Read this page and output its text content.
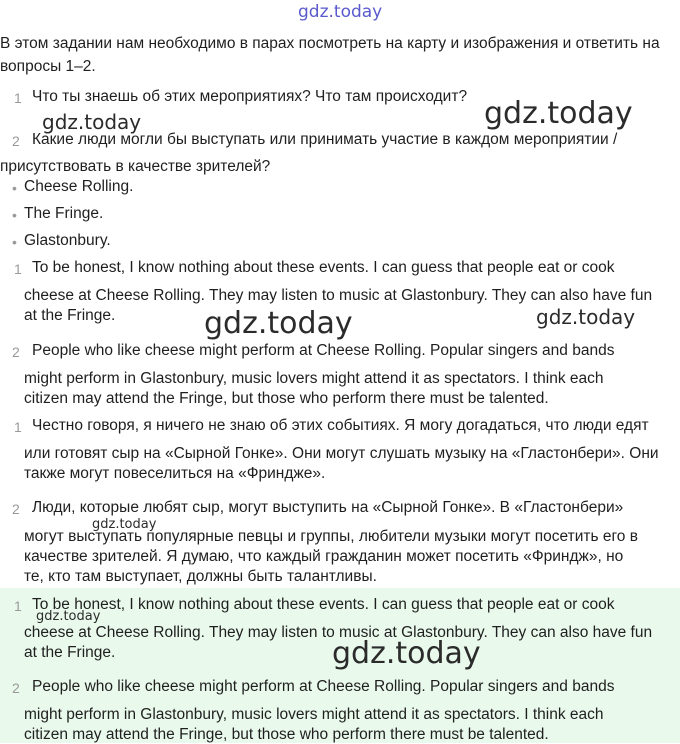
gdz.today
В этом задании нам необходимо в парах посмотреть на карту и изображения и ответить на вопросы 1–2.
1 Что ты знаешь об этих мероприятиях? Что там происходит?
2 Какие люди могли бы выступать или принимать участие в каждом мероприятии /
присутствовать в качестве зрителей?
• Cheese Rolling.
• The Fringe.
• Glastonbury.
1 To be honest, I know nothing about these events. I can guess that people eat or cook
cheese at Cheese Rolling. They may listen to music at Glastonbury. They can also have fun
at the Fringe.
2 People who like cheese might perform at Cheese Rolling. Popular singers and bands
might perform in Glastonbury, music lovers might attend it as spectators. I think each
citizen may attend the Fringe, but those who perform there must be talented.
1 Честно говоря, я ничего не знаю об этих событиях. Я могу догадаться, что люди едят
или готовят сыр на «Сырной Гонке». Они могут слушать музыку на «Гластонбери». Они
также могут повеселиться на «Фриндже».
2 Люди, которые любят сыр, могут выступить на «Сырной Гонке». В «Гластонбери»
могут выступать популярные певцы и группы, любители музыки могут посетить его в
качестве зрителей. Я думаю, что каждый гражданин может посетить «Фриндж», но
те, кто там выступает, должны быть талантливы.
1 To be honest, I know nothing about these events. I can guess that people eat or cook
cheese at Cheese Rolling. They may listen to music at Glastonbury. They can also have fun
at the Fringe.
2 People who like cheese might perform at Cheese Rolling. Popular singers and bands
might perform in Glastonbury, music lovers might attend it as spectators. I think each
citizen may attend the Fringe, but those who perform there must be talented.
gdz.today
gdz.today
gdz.today	gdz.today
gdz.today
gdz.today
gdz.today
